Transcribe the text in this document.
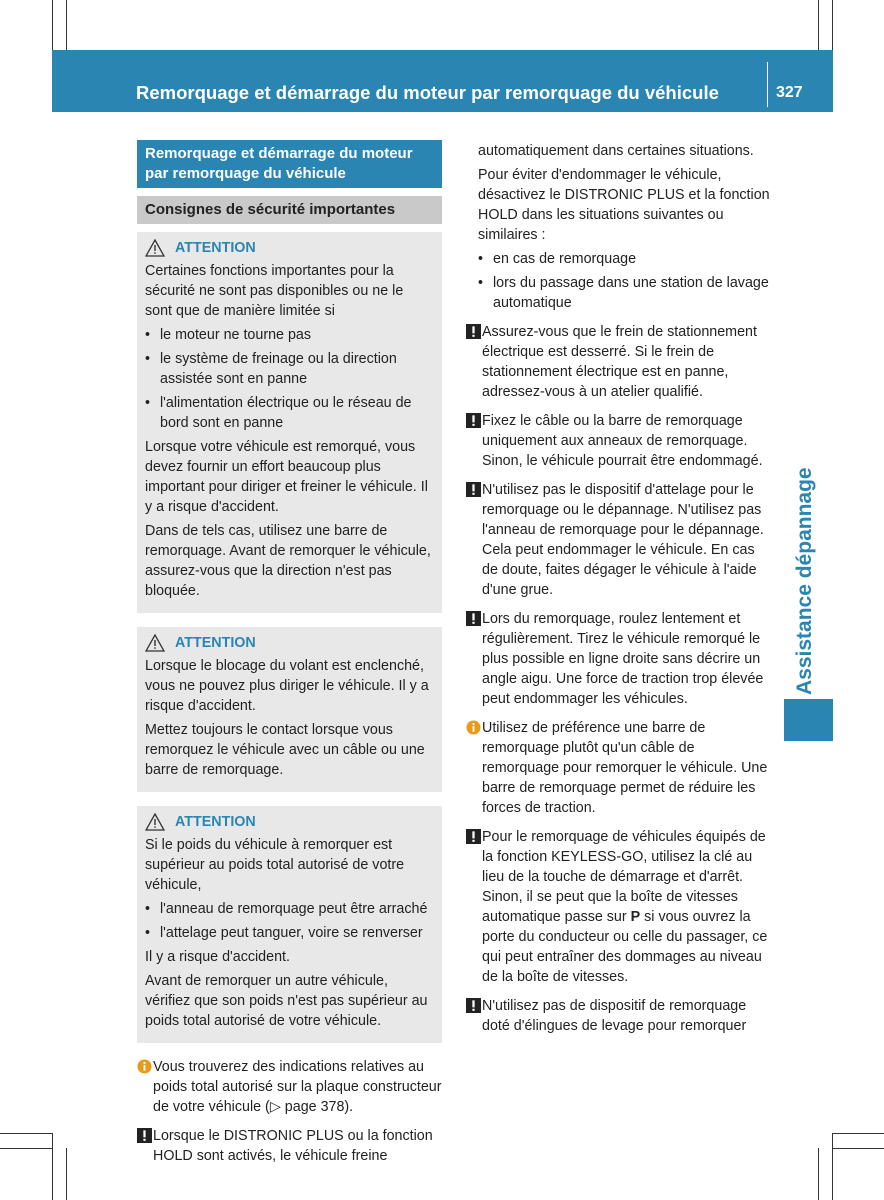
Remorquage et démarrage du moteur par remorquage du véhicule	327
Assistance dépannage
Remorquage et démarrage du moteur par remorquage du véhicule
Consignes de sécurité importantes
ATTENTION
Certaines fonctions importantes pour la sécurité ne sont pas disponibles ou ne le sont que de manière limitée si
• le moteur ne tourne pas
• le système de freinage ou la direction assistée sont en panne
• l'alimentation électrique ou le réseau de bord sont en panne
Lorsque votre véhicule est remorqué, vous devez fournir un effort beaucoup plus important pour diriger et freiner le véhicule. Il y a risque d'accident.
Dans de tels cas, utilisez une barre de remorquage. Avant de remorquer le véhicule, assurez-vous que la direction n'est pas bloquée.
ATTENTION
Lorsque le blocage du volant est enclenché, vous ne pouvez plus diriger le véhicule. Il y a risque d'accident.
Mettez toujours le contact lorsque vous remorquez le véhicule avec un câble ou une barre de remorquage.
ATTENTION
Si le poids du véhicule à remorquer est supérieur au poids total autorisé de votre véhicule,
• l'anneau de remorquage peut être arraché
• l'attelage peut tanguer, voire se renverser
Il y a risque d'accident.
Avant de remorquer un autre véhicule, vérifiez que son poids n'est pas supérieur au poids total autorisé de votre véhicule.
Vous trouverez des indications relatives au poids total autorisé sur la plaque constructeur de votre véhicule (▷ page 378).
Lorsque le DISTRONIC PLUS ou la fonction HOLD sont activés, le véhicule freine
automatiquement dans certaines situations.
Pour éviter d'endommager le véhicule, désactivez le DISTRONIC PLUS et la fonction HOLD dans les situations suivantes ou similaires :
• en cas de remorquage
• lors du passage dans une station de lavage automatique
Assurez-vous que le frein de stationnement électrique est desserré. Si le frein de stationnement électrique est en panne, adressez-vous à un atelier qualifié.
Fixez le câble ou la barre de remorquage uniquement aux anneaux de remorquage. Sinon, le véhicule pourrait être endommagé.
N'utilisez pas le dispositif d'attelage pour le remorquage ou le dépannage. N'utilisez pas l'anneau de remorquage pour le dépannage. Cela peut endommager le véhicule. En cas de doute, faites dégager le véhicule à l'aide d'une grue.
Lors du remorquage, roulez lentement et régulièrement. Tirez le véhicule remorqué le plus possible en ligne droite sans décrire un angle aigu. Une force de traction trop élevée peut endommager les véhicules.
Utilisez de préférence une barre de remorquage plutôt qu'un câble de remorquage pour remorquer le véhicule. Une barre de remorquage permet de réduire les forces de traction.
Pour le remorquage de véhicules équipés de la fonction KEYLESS-GO, utilisez la clé au lieu de la touche de démarrage et d'arrêt. Sinon, il se peut que la boîte de vitesses automatique passe sur P si vous ouvrez la porte du conducteur ou celle du passager, ce qui peut entraîner des dommages au niveau de la boîte de vitesses.
N'utilisez pas de dispositif de remorquage doté d'élingues de levage pour remorquer
